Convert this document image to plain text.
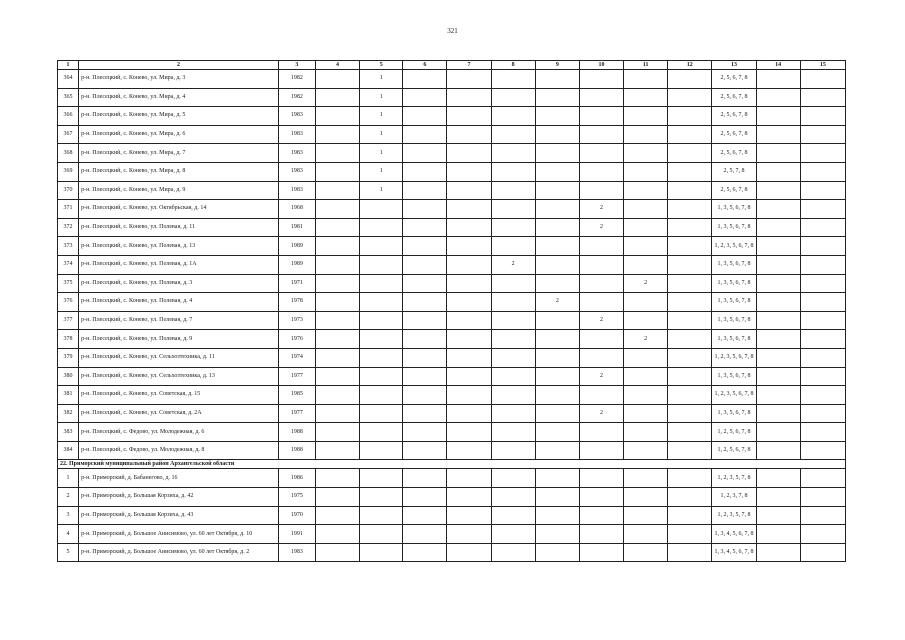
321
1	2	3	4	5	6	7	8	9	10	11	12	13	14	15
364	р-н. Плесецкий, с. Конево, ул. Мира, д. 3	1982		1								2, 5, 6, 7, 8		
365	р-н. Плесецкий, с. Конево, ул. Мира, д. 4	1982		1								2, 5, 6, 7, 8		
366	р-н. Плесецкий, с. Конево, ул. Мира, д. 5	1983		1								2, 5, 6, 7, 8		
367	р-н. Плесецкий, с. Конево, ул. Мира, д. 6	1983		1								2, 5, 6, 7, 8		
368	р-н. Плесецкий, с. Конево, ул. Мира, д. 7	1983		1								2, 5, 6, 7, 8		
369	р-н. Плесецкий, с. Конево, ул. Мира, д. 8	1983		1								2, 5, 7, 8		
370	р-н. Плесецкий, с. Конево, ул. Мира, д. 9	1983		1								2, 5, 6, 7, 8		
371	р-н. Плесецкий, с. Конево, ул. Октябрьская, д. 14	1968							2			1, 3, 5, 6, 7, 8		
372	р-н. Плесецкий, с. Конево, ул. Полевая, д. 11	1981							2			1, 3, 5, 6, 7, 8		
373	р-н. Плесецкий, с. Конево, ул. Полевая, д. 13	1989										1, 2, 3, 5, 6, 7, 8		
374	р-н. Плесецкий, с. Конево, ул. Полевая, д. 1А	1989					2					1, 3, 5, 6, 7, 8		
375	р-н. Плесецкий, с. Конево, ул. Полевая, д. 3	1971								2		1, 3, 5, 6, 7, 8		
376	р-н. Плесецкий, с. Конево, ул. Полевая, д. 4	1978						2				1, 3, 5, 6, 7, 8		
377	р-н. Плесецкий, с. Конево, ул. Полевая, д. 7	1973							2			1, 3, 5, 6, 7, 8		
378	р-н. Плесецкий, с. Конево, ул. Полевая, д. 9	1976								2		1, 3, 5, 6, 7, 8		
379	р-н. Плесецкий, с. Конево, ул. Сельхозтехника, д. 11	1974										1, 2, 3, 5, 6, 7, 8		
380	р-н. Плесецкий, с. Конево, ул. Сельхозтехника, д. 13	1977							2			1, 3, 5, 6, 7, 8		
381	р-н. Плесецкий, с. Конево, ул. Советская, д. 15	1985										1, 2, 3, 5, 6, 7, 8		
382	р-н. Плесецкий, с. Конево, ул. Советская, д. 2А	1977							2			1, 3, 5, 6, 7, 8		
383	р-н. Плесецкий, с. Федово, ул. Молодежная, д. 6	1988										1, 2, 5, 6, 7, 8		
384	р-н. Плесецкий, с. Федово, ул. Молодежная, д. 8	1988										1, 2, 5, 6, 7, 8		
22. Приморский муниципальный район Архангельской области														
1	р-н. Приморский, д. Бабанегово, д. 16	1986										1, 2, 3, 5, 7, 8		
2	р-н. Приморский, д. Большая Корзиха, д. 42	1975										1, 2, 3, 7, 8		
3	р-н. Приморский, д. Большая Корзиха, д. 43	1970										1, 2, 3, 5, 7, 8		
4	р-н. Приморский, д. Большое Анисимово, ул. 60 лет Октября, д. 10	1991										1, 3, 4, 5, 6, 7, 8		
5	р-н. Приморский, д. Большое Анисимово, ул. 60 лет Октября, д. 2	1983										1, 3, 4, 5, 6, 7, 8		
